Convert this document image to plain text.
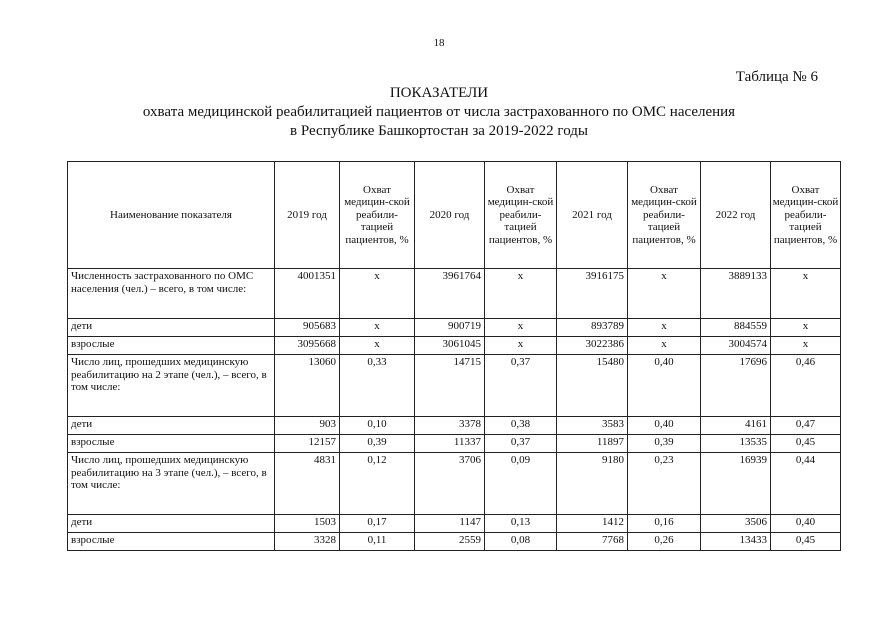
18
Таблица № 6
ПОКАЗАТЕЛИ
охвата медицинской реабилитацией пациентов от числа застрахованного по ОМС населения
в Республике Башкортостан за 2019-2022 годы
Наименование показателя	2019 год	Охват медицин-ской реабили-тацией пациентов, %	2020 год	Охват медицин-ской реабили-тацией пациентов, %	2021 год	Охват медицин-ской реабили-тацией пациентов, %	2022 год	Охват медицин-ской реабили-тацией пациентов, %
Численность застрахованного по ОМС населения (чел.) – всего, в том числе:	4001351	х	3961764	х	3916175	х	3889133	х
дети	905683	х	900719	х	893789	х	884559	х
взрослые	3095668	х	3061045	х	3022386	х	3004574	х
Число лиц, прошедших медицинскую реабилитацию на 2 этапе (чел.), – всего, в том числе:	13060	0,33	14715	0,37	15480	0,40	17696	0,46
дети	903	0,10	3378	0,38	3583	0,40	4161	0,47
взрослые	12157	0,39	11337	0,37	11897	0,39	13535	0,45
Число лиц, прошедших медицинскую реабилитацию на 3 этапе (чел.), – всего, в том числе:	4831	0,12	3706	0,09	9180	0,23	16939	0,44
дети	1503	0,17	1147	0,13	1412	0,16	3506	0,40
взрослые	3328	0,11	2559	0,08	7768	0,26	13433	0,45
